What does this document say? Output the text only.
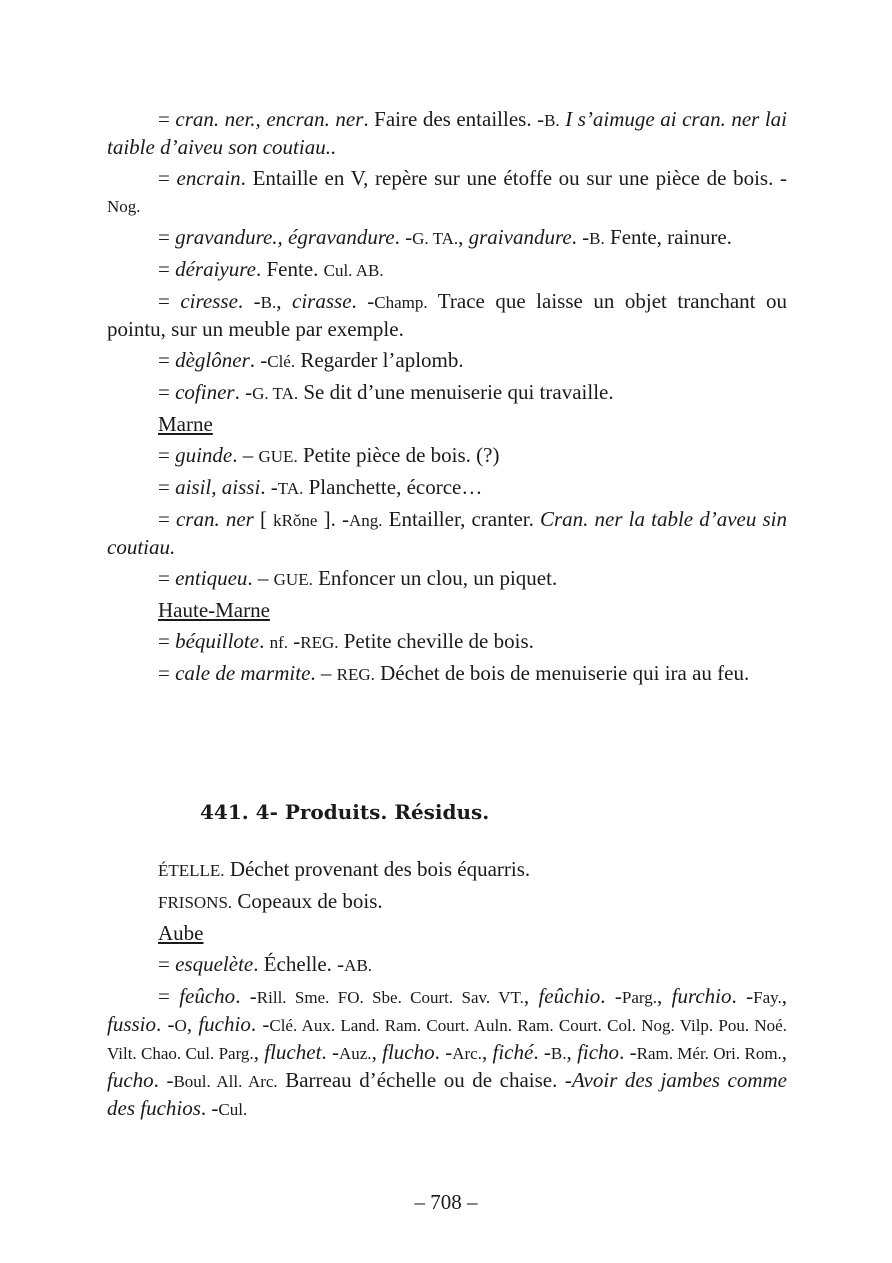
= cran. ner., encran. ner. Faire des entailles. -B. I s’aimuge ai cran. ner lai taible d’aiveu son coutiau..

= encrain. Entaille en V, repère sur une étoffe ou sur une pièce de bois. -Nog.

= gravandure., égravandure. -G. TA., graivandure. -B. Fente, rainure.

= déraiyure. Fente. Cul. AB.

= ciresse. -B., cirasse. -Champ. Trace que laisse un objet tranchant ou pointu, sur un meuble par exemple.

= dèglôner. -Clé. Regarder l’aplomb.

= cofiner. -G. TA. Se dit d’une menuiserie qui travaille.

Marne

= guinde. – GUE. Petite pièce de bois. (?)

= aisil, aissi. -TA. Planchette, écorce…

= cran. ner [ kRǒne ]. -Ang. Entailler, cranter. Cran. ner la table d’aveu sin coutiau.

= entiqueu. – GUE. Enfoncer un clou, un piquet.

Haute-Marne

= béquillote. nf. -REG. Petite cheville de bois.

= cale de marmite. – REG. Déchet de bois de menuiserie qui ira au feu.

441. 4- Produits. Résidus.

ÉTELLE. Déchet provenant des bois équarris.

FRISONS. Copeaux de bois.

Aube

= esquelète. Échelle. -AB.

= feûcho. -Rill. Sme. FO. Sbe. Court. Sav. VT., feûchio. -Parg., furchio. -Fay., fussio. -O, fuchio. -Clé. Aux. Land. Ram. Court. Auln. Ram. Court. Col. Nog. Vilp. Pou. Noé. Vilt. Chao. Cul. Parg., fluchet. -Auz., flucho. -Arc., fiché. -B., ficho. -Ram. Mér. Ori. Rom., fucho. -Boul. All. Arc. Barreau d’échelle ou de chaise. -Avoir des jambes comme des fuchios. -Cul.

– 708 –
